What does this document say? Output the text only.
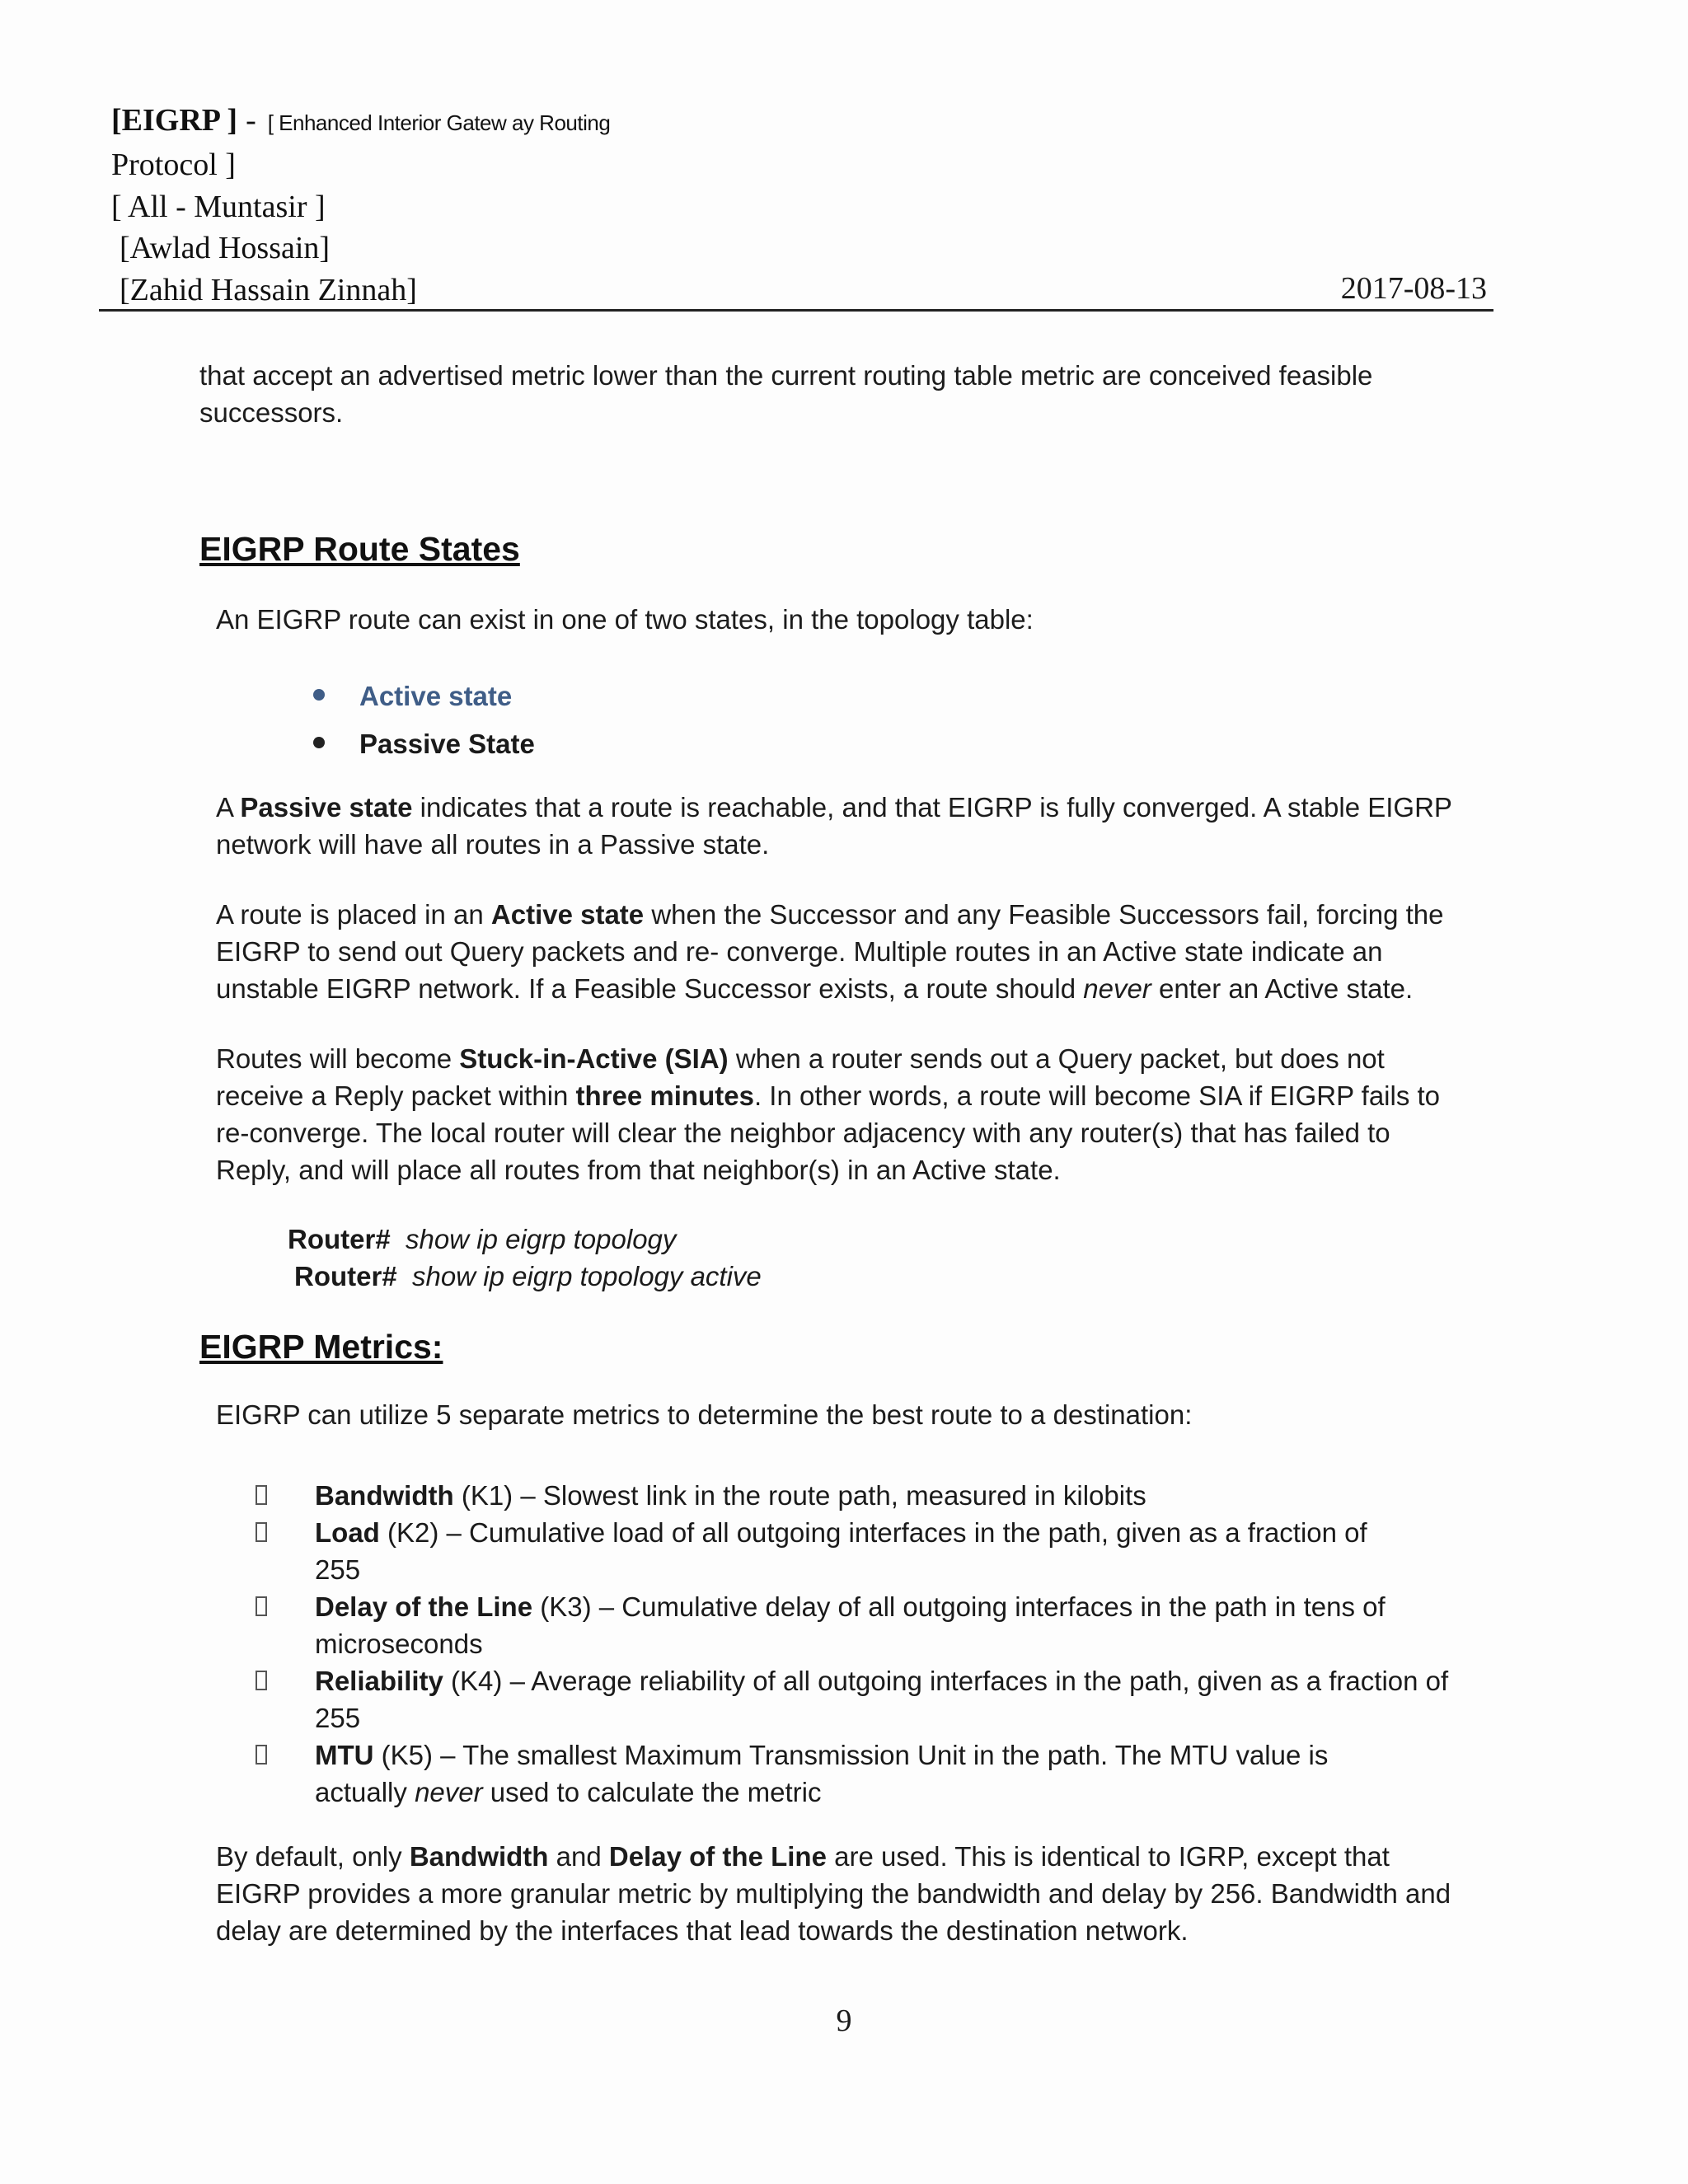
[EIGRP ] - [ Enhanced Interior Gatew ay Routing
Protocol ]
[ All - Muntasir ]
[Awlad Hossain]
[Zahid Hassain Zinnah]	2017-08-13

that accept an advertised metric lower than the current routing table metric are conceived feasible successors.

EIGRP Route States

An EIGRP route can exist in one of two states, in the topology table:

Active state
Passive State

A Passive state indicates that a route is reachable, and that EIGRP is fully converged. A stable EIGRP network will have all routes in a Passive state.

A route is placed in an Active state when the Successor and any Feasible Successors fail, forcing the EIGRP to send out Query packets and re- converge. Multiple routes in an Active state indicate an unstable EIGRP network. If a Feasible Successor exists, a route should never enter an Active state.

Routes will become Stuck-in-Active (SIA) when a router sends out a Query packet, but does not receive a Reply packet within three minutes. In other words, a route will become SIA if EIGRP fails to re-converge. The local router will clear the neighbor adjacency with any router(s) that has failed to Reply, and will place all routes from that neighbor(s) in an Active state.

Router# show ip eigrp topology
Router# show ip eigrp topology active
EIGRP Metrics:

EIGRP can utilize 5 separate metrics to determine the best route to a destination:

Bandwidth (K1) – Slowest link in the route path, measured in kilobits
Load (K2) – Cumulative load of all outgoing interfaces in the path, given as a fraction of 255
Delay of the Line (K3) – Cumulative delay of all outgoing interfaces in the path in tens of microseconds
Reliability (K4) – Average reliability of all outgoing interfaces in the path, given as a fraction of 255
MTU (K5) – The smallest Maximum Transmission Unit in the path. The MTU value is actually never used to calculate the metric

By default, only Bandwidth and Delay of the Line are used. This is identical to IGRP, except that EIGRP provides a more granular metric by multiplying the bandwidth and delay by 256. Bandwidth and delay are determined by the interfaces that lead towards the destination network.

9
